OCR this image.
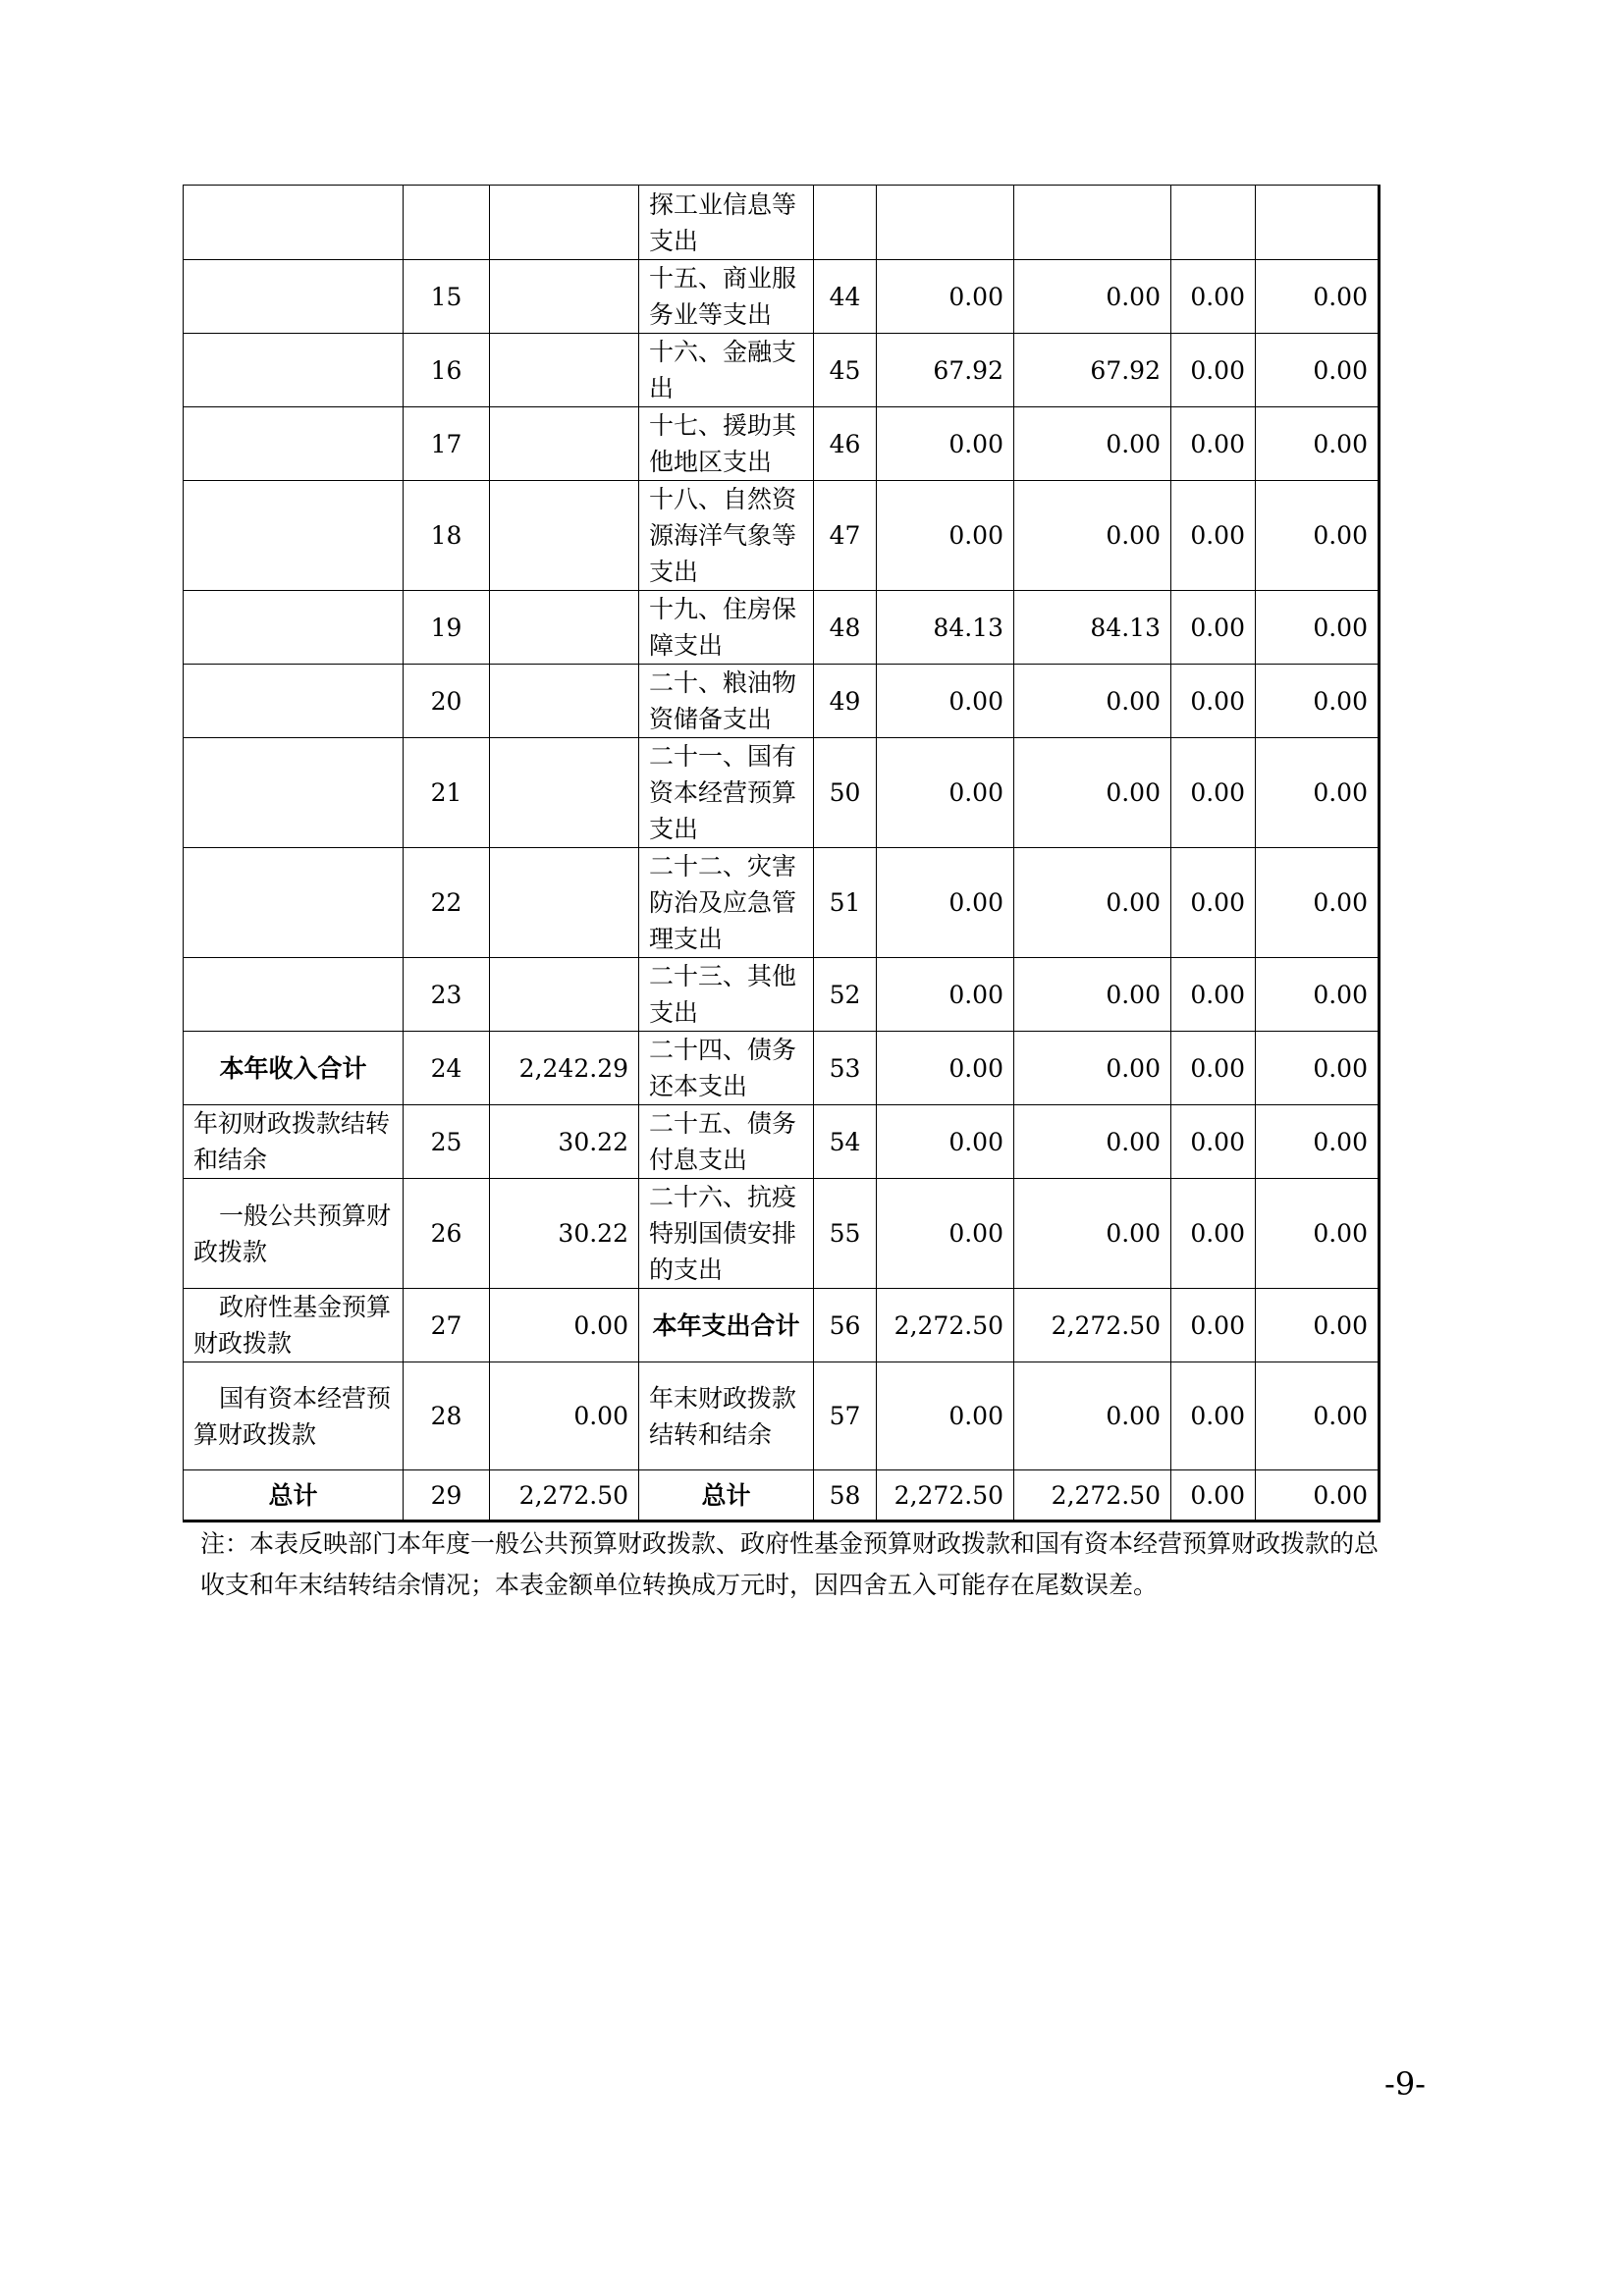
			探工业信息等支出					
	15		十五、商业服务业等支出	44	0.00	0.00	0.00	0.00
	16		十六、金融支出	45	67.92	67.92	0.00	0.00
	17		十七、援助其他地区支出	46	0.00	0.00	0.00	0.00
	18		十八、自然资源海洋气象等支出	47	0.00	0.00	0.00	0.00
	19		十九、住房保障支出	48	84.13	84.13	0.00	0.00
	20		二十、粮油物资储备支出	49	0.00	0.00	0.00	0.00
	21		二十一、国有资本经营预算支出	50	0.00	0.00	0.00	0.00
	22		二十二、灾害防治及应急管理支出	51	0.00	0.00	0.00	0.00
	23		二十三、其他支出	52	0.00	0.00	0.00	0.00
本年收入合计	24	2,242.29	二十四、债务还本支出	53	0.00	0.00	0.00	0.00
年初财政拨款结转和结余	25	30.22	二十五、债务付息支出	54	0.00	0.00	0.00	0.00
一般公共预算财政拨款	26	30.22	二十六、抗疫特别国债安排的支出	55	0.00	0.00	0.00	0.00
政府性基金预算财政拨款	27	0.00	本年支出合计	56	2,272.50	2,272.50	0.00	0.00
国有资本经营预算财政拨款	28	0.00	年末财政拨款结转和结余	57	0.00	0.00	0.00	0.00
总计	29	2,272.50	总计	58	2,272.50	2,272.50	0.00	0.00
注：本表反映部门本年度一般公共预算财政拨款、政府性基金预算财政拨款和国有资本经营预算财政拨款的总收支和年末结转结余情况；本表金额单位转换成万元时，因四舍五入可能存在尾数误差。
-9-
